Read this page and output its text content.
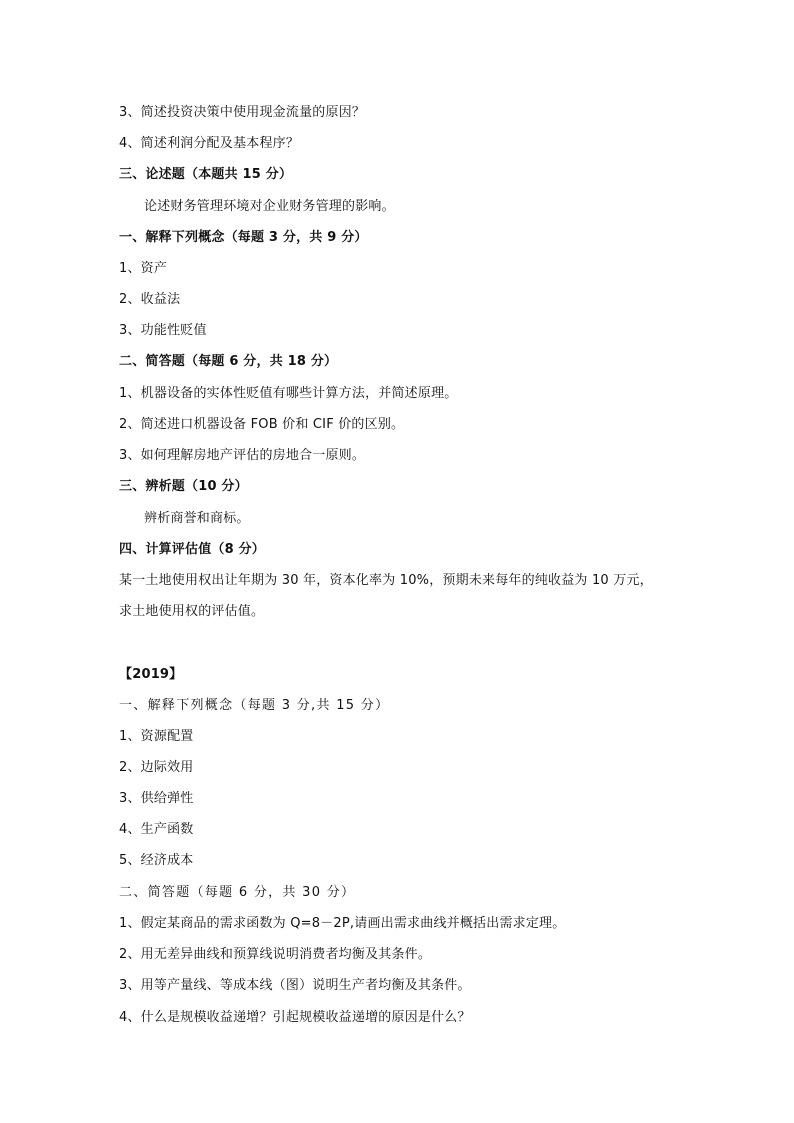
3、简述投资决策中使用现金流量的原因？
4、简述利润分配及基本程序？
三、论述题（本题共 15 分）
论述财务管理环境对企业财务管理的影响。
一、解释下列概念（每题 3 分，共 9 分）
1、资产
2、收益法
3、功能性贬值
二、简答题（每题 6 分，共 18 分）
1、机器设备的实体性贬值有哪些计算方法，并简述原理。
2、简述进口机器设备 FOB 价和 CIF 价的区别。
3、如何理解房地产评估的房地合一原则。
三、辨析题（10 分）
辨析商誉和商标。
四、计算评估值（8 分）
某一土地使用权出让年期为 30 年，资本化率为 10%，预期未来每年的纯收益为 10 万元，
求土地使用权的评估值。
【2019】
一、解释下列概念（每题 3 分,共 15 分）
1、资源配置
2、边际效用
3、供给弹性
4、生产函数
5、经济成本
二、简答题（每题 6 分，共 30 分）
1、假定某商品的需求函数为 Q=8－2P,请画出需求曲线并概括出需求定理。
2、用无差异曲线和预算线说明消费者均衡及其条件。
3、用等产量线、等成本线（图）说明生产者均衡及其条件。
4、什么是规模收益递增？引起规模收益递增的原因是什么？
